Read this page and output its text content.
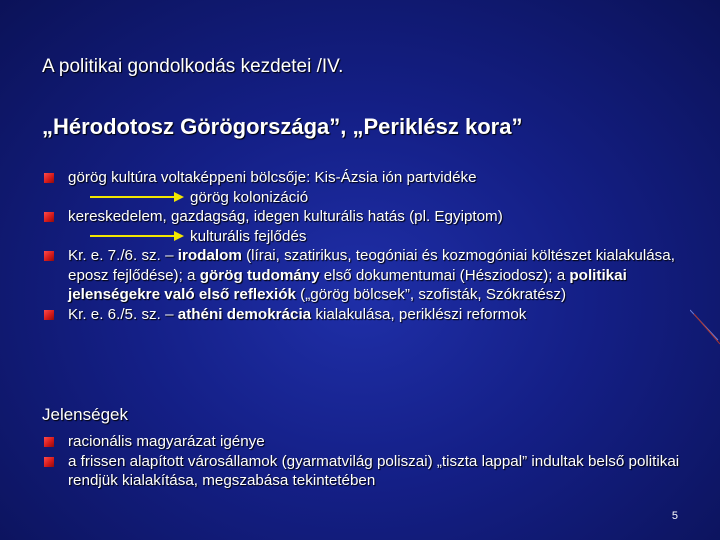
A politikai gondolkodás kezdetei /IV.
„Hérodotosz Görögországa”, „Periklész kora”
görög kultúra voltaképpeni bölcsője: Kis-Ázsia ión partvidéke
görög kolonizáció
kereskedelem, gazdagság, idegen kulturális hatás (pl. Egyiptom)
kulturális fejlődés
Kr. e. 7./6. sz. – irodalom (lírai, szatirikus, teogóniai és kozmogóniai költészet kialakulása, eposz fejlődése); a görög tudomány első dokumentumai (Hésziodosz); a politikai jelenségekre való első reflexiók („görög bölcsek”, szofisták, Szókratész)
Kr. e. 6./5. sz. – athéni demokrácia kialakulása, periklészi reformok
Jelenségek
racionális magyarázat igénye
a frissen alapított városállamok (gyarmatvilág poliszai) „tiszta lappal” indultak belső politikai rendjük kialakítása, megszabása tekintetében
5
